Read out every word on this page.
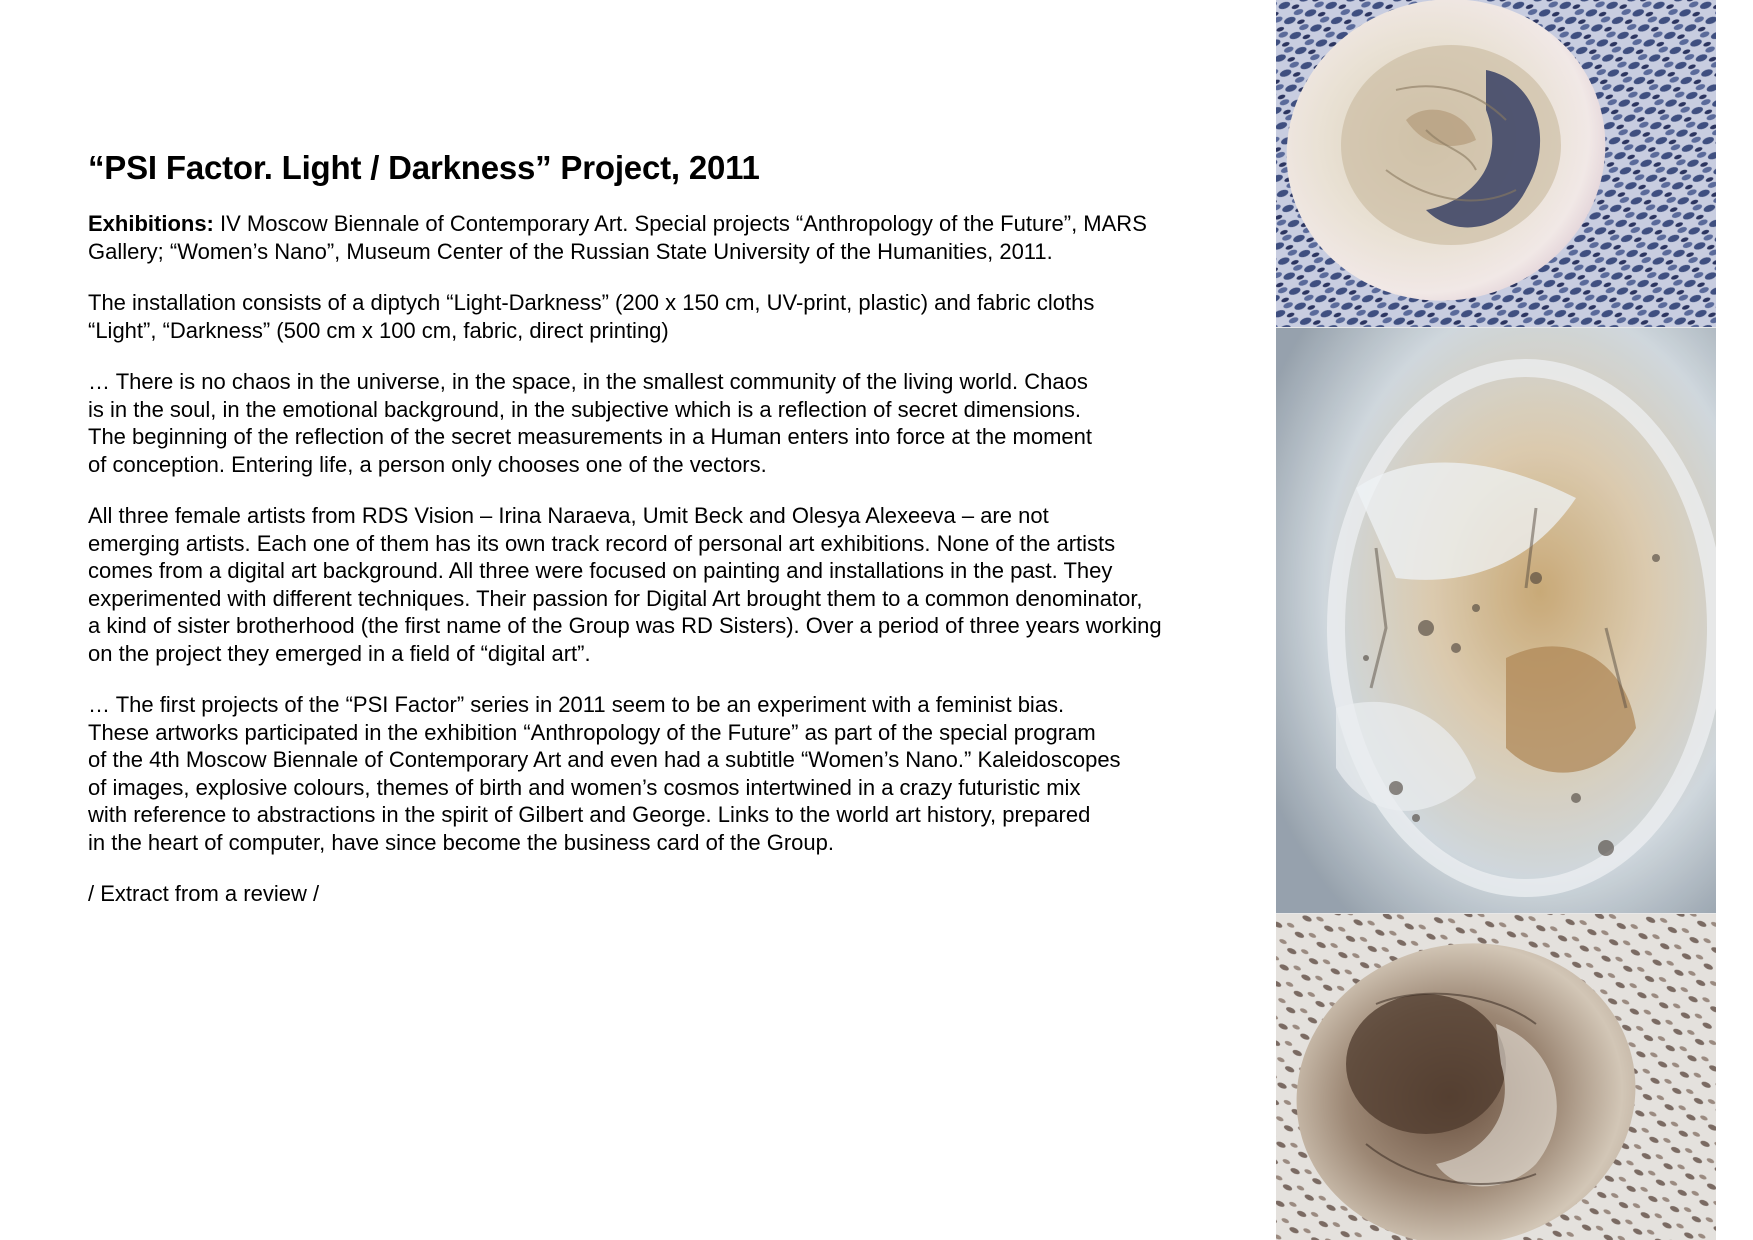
“PSI Factor. Light / Darkness” Project, 2011

Exhibitions: IV Moscow Biennale of Contemporary Art. Special projects “Anthropology of the Future”, MARS
Gallery; “Women’s Nano”, Museum Center of the Russian State University of the Humanities, 2011.

The installation consists of a diptych “Light-Darkness” (200 x 150 cm, UV-print, plastic) and fabric cloths
“Light”, “Darkness” (500 cm x 100 cm, fabric, direct printing)

… There is no chaos in the universe, in the space, in the smallest community of the living world. Chaos
is in the soul, in the emotional background, in the subjective which is a reflection of secret dimensions.
The beginning of the reflection of the secret measurements in a Human enters into force at the moment
of conception. Entering life, a person only chooses one of the vectors.

All three female artists from RDS Vision – Irina Naraeva, Umit Beck and Olesya Alexeeva – are not
emerging artists. Each one of them has its own track record of personal art exhibitions. None of the artists
comes from a digital art background. All three were focused on painting and installations in the past. They
experimented with different techniques. Their passion for Digital Art brought them to a common denominator,
a kind of sister brotherhood (the first name of the Group was RD Sisters). Over a period of three years working
on the project they emerged in a field of “digital art”.

… The first projects of the “PSI Factor” series in 2011 seem to be an experiment with a feminist bias.
These artworks participated in the exhibition “Anthropology of the Future” as part of the special program
of the 4th Moscow Biennale of Contemporary Art and even had a subtitle “Women’s Nano.” Kaleidoscopes
of images, explosive colours, themes of birth and women’s cosmos intertwined in a crazy futuristic mix
with reference to abstractions in the spirit of Gilbert and George. Links to the world art history, prepared
in the heart of computer, have since become the business card of the Group.

/ Extract from a review /
